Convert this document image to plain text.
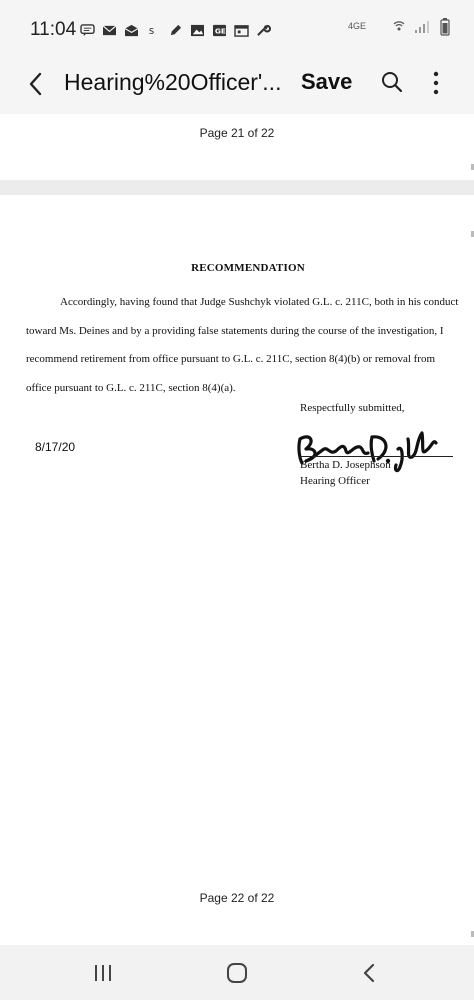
11:04	s	GE	4GE
Hearing%20Officer'... Save
Page 21 of 22
RECOMMENDATION
Accordingly, having found that Judge Sushchyk violated G.L. c. 211C, both in his conduct toward Ms. Deines and by a providing false statements during the course of the investigation, I recommend retirement from office pursuant to G.L. c. 211C, section 8(4)(b) or removal from office pursuant to G.L. c. 211C, section 8(4)(a).
Respectfully submitted,
8/17/20
Bertha D. Josephson
Hearing Officer
Page 22 of 22
